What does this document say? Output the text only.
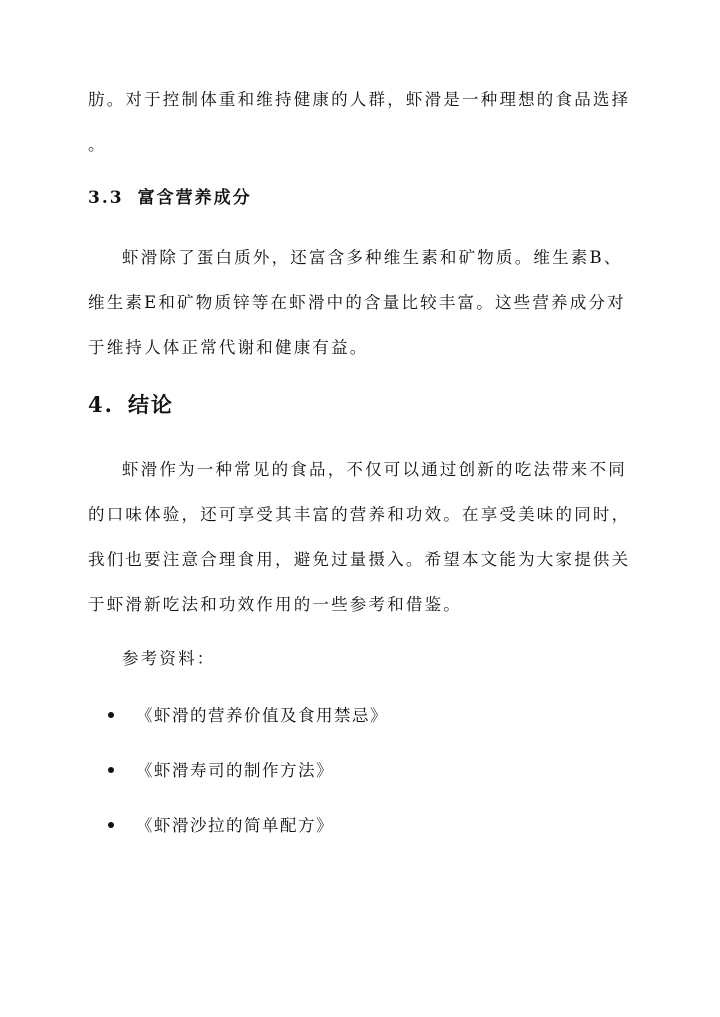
肪。对于控制体重和维持健康的人群，虾滑是一种理想的食品选择
。
3.3 富含营养成分
虾滑除了蛋白质外，还富含多种维生素和矿物质。维生素B、
维生素E和矿物质锌等在虾滑中的含量比较丰富。这些营养成分对
于维持人体正常代谢和健康有益。
4. 结论
虾滑作为一种常见的食品，不仅可以通过创新的吃法带来不同
的口味体验，还可享受其丰富的营养和功效。在享受美味的同时，
我们也要注意合理食用，避免过量摄入。希望本文能为大家提供关
于虾滑新吃法和功效作用的一些参考和借鉴。
参考资料：
《虾滑的营养价值及食用禁忌》
《虾滑寿司的制作方法》
《虾滑沙拉的简单配方》
